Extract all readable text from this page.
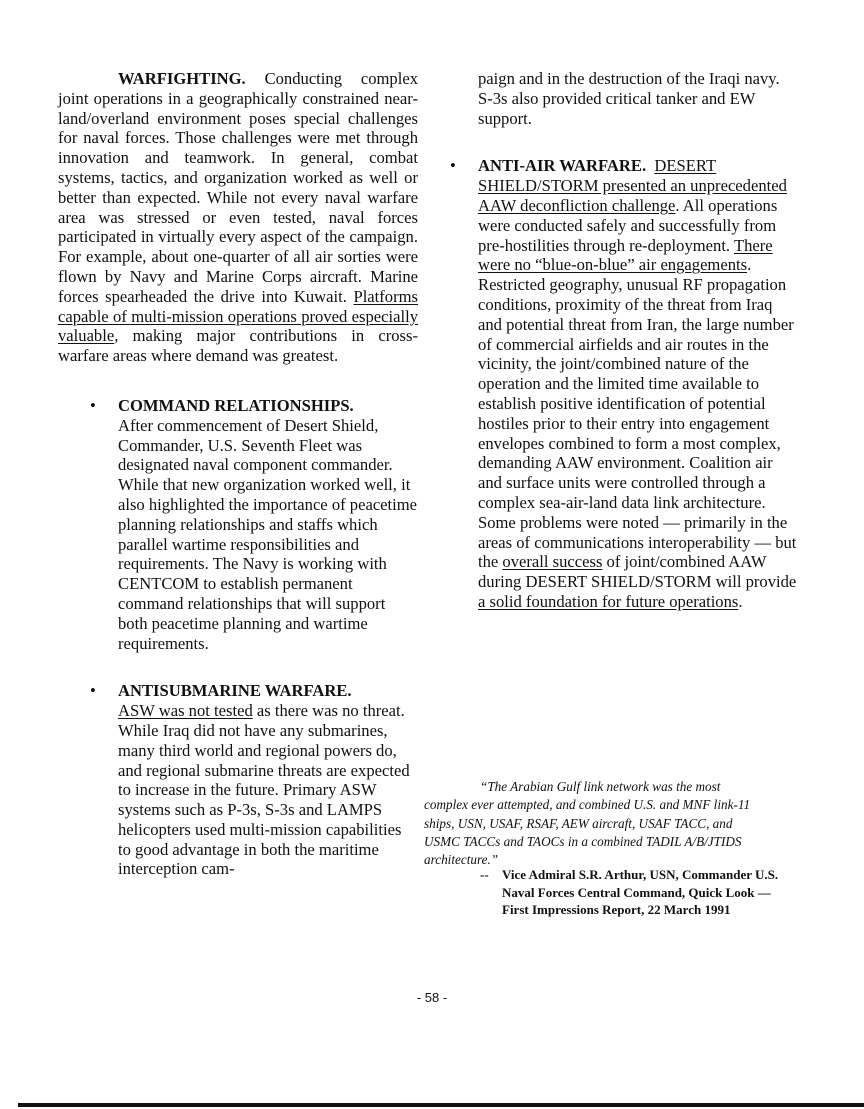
WARFIGHTING. Conducting complex joint operations in a geographically constrained near-land/overland environment poses special challenges for naval forces. Those challenges were met through innovation and teamwork. In general, combat systems, tactics, and organization worked as well or better than expected. While not every naval warfare area was stressed or even tested, naval forces participated in virtually every aspect of the campaign. For example, about one-quarter of all air sorties were flown by Navy and Marine Corps aircraft. Marine forces spearheaded the drive into Kuwait. Platforms capable of multi-mission operations proved especially valuable, making major contributions in cross-warfare areas where demand was greatest.

• COMMAND RELATIONSHIPS.
After commencement of Desert Shield, Commander, U.S. Seventh Fleet was designated naval component commander. While that new organization worked well, it also highlighted the importance of peacetime planning relationships and staffs which parallel wartime responsibilities and requirements. The Navy is working with CENTCOM to establish permanent command relationships that will support both peacetime planning and wartime requirements.
• ANTISUBMARINE WARFARE.
ASW was not tested as there was no threat. While Iraq did not have any submarines, many third world and regional powers do, and regional submarine threats are expected to increase in the future. Primary ASW systems such as P-3s, S-3s and LAMPS helicopters used multi-mission capabilities to good advantage in both the maritime interception cam-

paign and in the destruction of the Iraqi navy. S-3s also provided critical tanker and EW support.

• ANTI-AIR WARFARE. DESERT SHIELD/STORM presented an unprecedented AAW deconfliction challenge. All operations were conducted safely and successfully from pre-hostilities through re-deployment. There were no “blue-on-blue” air engagements. Restricted geography, unusual RF propagation conditions, proximity of the threat from Iraq and potential threat from Iran, the large number of commercial airfields and air routes in the vicinity, the joint/combined nature of the operation and the limited time available to establish positive identification of potential hostiles prior to their entry into engagement envelopes combined to form a most complex, demanding AAW environment. Coalition air and surface units were controlled through a complex sea-air-land data link architecture. Some problems were noted — primarily in the areas of communications interoperability — but the overall success of joint/combined AAW during DESERT SHIELD/STORM will provide a solid foundation for future operations.

“The Arabian Gulf link network was the most complex ever attempted, and combined U.S. and MNF link-11 ships, USN, USAF, RSAF, AEW aircraft, USAF TACC, and USMC TACCs and TAOCs in a combined TADIL A/B/JTIDS architecture.”

-- Vice Admiral S.R. Arthur, USN, Commander U.S. Naval Forces Central Command, Quick Look — First Impressions Report, 22 March 1991
- 58 -
